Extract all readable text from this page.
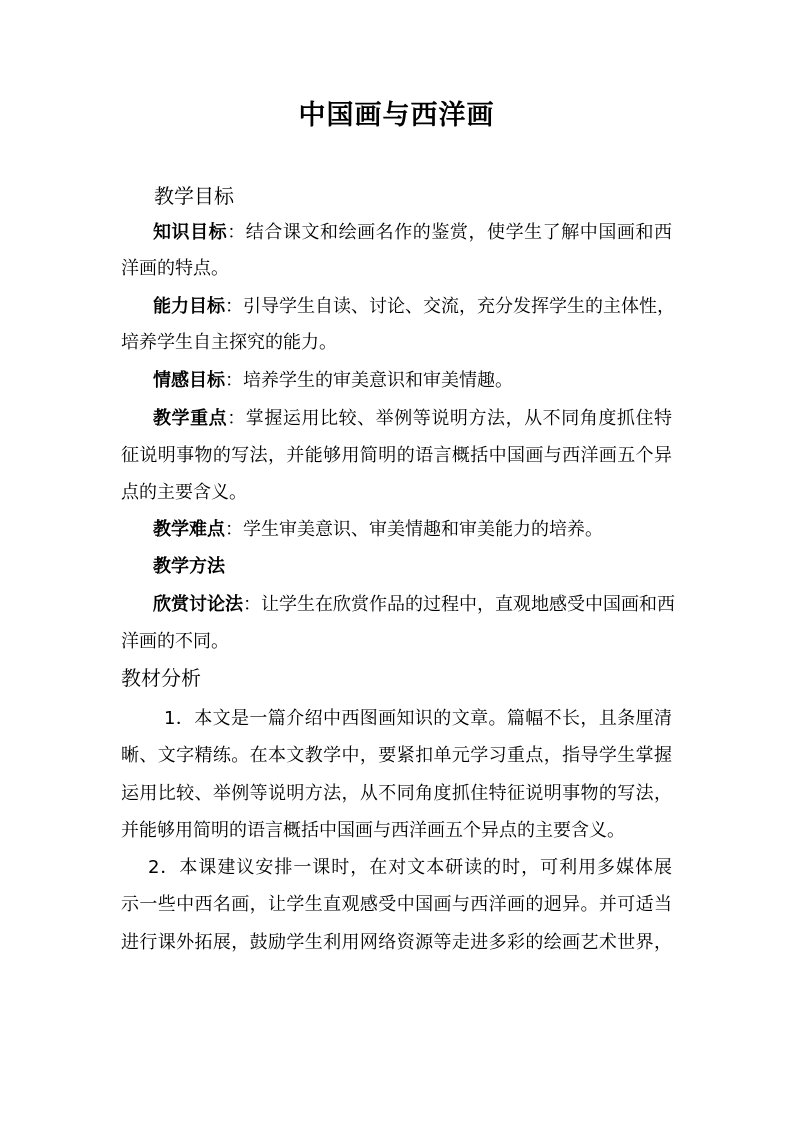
中国画与西洋画
教学目标
知识目标：结合课文和绘画名作的鉴赏，使学生了解中国画和西
洋画的特点。
能力目标：引导学生自读、讨论、交流，充分发挥学生的主体性，
培养学生自主探究的能力。
情感目标：培养学生的审美意识和审美情趣。
教学重点：掌握运用比较、举例等说明方法，从不同角度抓住特
征说明事物的写法，并能够用简明的语言概括中国画与西洋画五个异
点的主要含义。
教学难点：学生审美意识、审美情趣和审美能力的培养。
教学方法
欣赏讨论法：让学生在欣赏作品的过程中，直观地感受中国画和西
洋画的不同。
教材分析
1．本文是一篇介绍中西图画知识的文章。篇幅不长，且条厘清
晰、文字精练。在本文教学中，要紧扣单元学习重点，指导学生掌握
运用比较、举例等说明方法，从不同角度抓住特征说明事物的写法，
并能够用简明的语言概括中国画与西洋画五个异点的主要含义。
2．本课建议安排一课时，在对文本研读的时，可利用多媒体展
示一些中西名画，让学生直观感受中国画与西洋画的迥异。并可适当
进行课外拓展，鼓励学生利用网络资源等走进多彩的绘画艺术世界，
